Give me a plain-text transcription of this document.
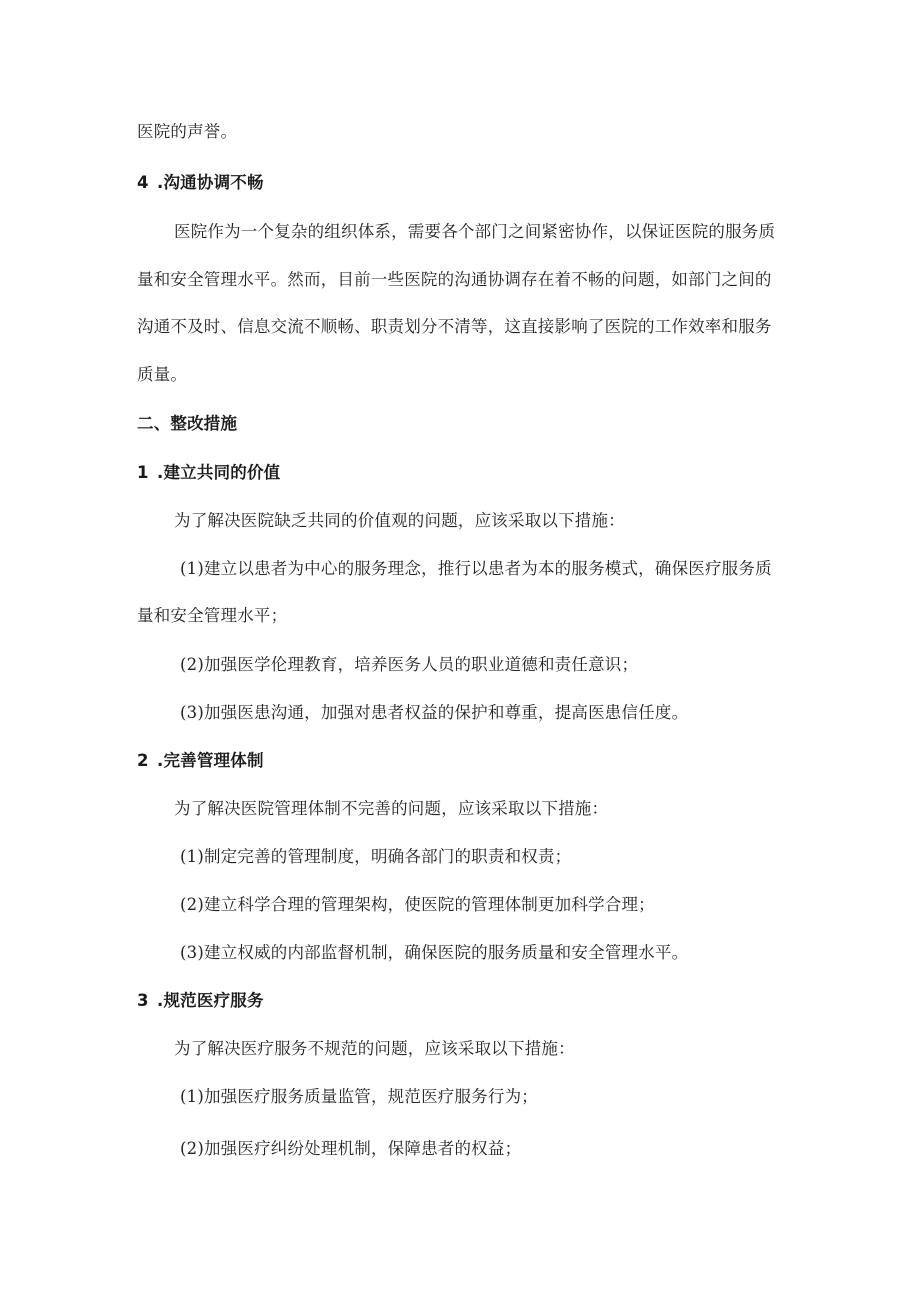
医院的声誉。
4 .沟通协调不畅
医院作为一个复杂的组织体系，需要各个部门之间紧密协作，以保证医院的服务质
量和安全管理水平。然而，目前一些医院的沟通协调存在着不畅的问题，如部门之间的
沟通不及时、信息交流不顺畅、职责划分不清等，这直接影响了医院的工作效率和服务
质量。
二、整改措施
1 .建立共同的价值
为了解决医院缺乏共同的价值观的问题，应该采取以下措施：
(1)建立以患者为中心的服务理念，推行以患者为本的服务模式，确保医疗服务质
量和安全管理水平；
(2)加强医学伦理教育，培养医务人员的职业道德和责任意识；
(3)加强医患沟通，加强对患者权益的保护和尊重，提高医患信任度。
2 .完善管理体制
为了解决医院管理体制不完善的问题，应该采取以下措施：
(1)制定完善的管理制度，明确各部门的职责和权责；
(2)建立科学合理的管理架构，使医院的管理体制更加科学合理；
(3)建立权威的内部监督机制，确保医院的服务质量和安全管理水平。
3 .规范医疗服务
为了解决医疗服务不规范的问题，应该采取以下措施：
(1)加强医疗服务质量监管，规范医疗服务行为；
(2)加强医疗纠纷处理机制，保障患者的权益；
